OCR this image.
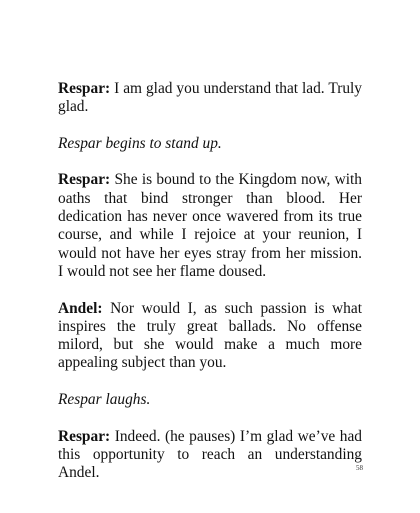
Respar: I am glad you understand that lad. Truly glad.

Respar begins to stand up.

Respar: She is bound to the Kingdom now, with oaths that bind stronger than blood. Her dedication has never once wavered from its true course, and while I rejoice at your reunion, I would not have her eyes stray from her mission. I would not see her flame doused.

Andel: Nor would I, as such passion is what inspires the truly great ballads. No offense milord, but she would make a much more appealing subject than you.

Respar laughs.

Respar: Indeed. (he pauses) I’m glad we’ve had this opportunity to reach an understanding Andel.	58
